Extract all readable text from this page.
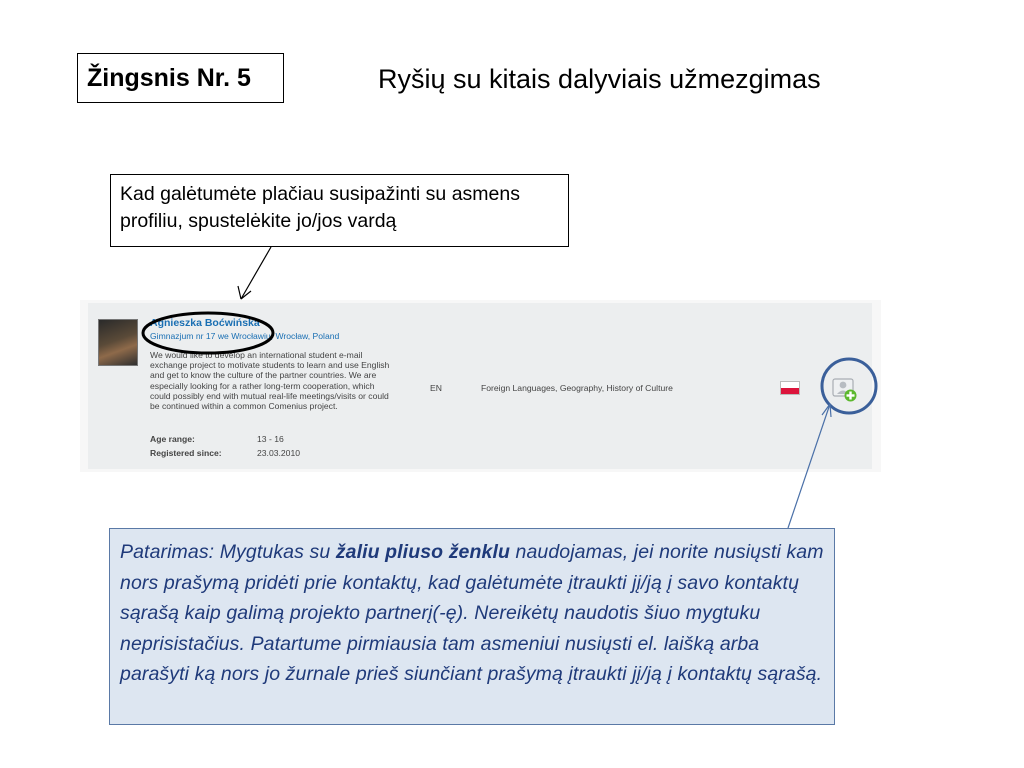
Žingsnis Nr. 5	Ryšių su kitais dalyviais užmezgimas
Kad galėtumėte plačiau susipažinti su asmens profiliu, spustelėkite jo/jos vardą
Agnieszka Boćwińska
Gimnazjum nr 17 we Wrocławiu, Wrocław, Poland
We would like to develop an international student e-mail exchange project to motivate students to learn and use English and get to know the culture of the partner countries. We are especially looking for a rather long-term cooperation, which could possibly end with mutual real-life meetings/visits or could be continued within a common Comenius project.
Age range:	13 - 16
Registered since:	23.03.2010
EN	Foreign Languages, Geography, History of Culture
Patarimas: Mygtukas su žaliu pliuso ženklu naudojamas, jei norite nusiųsti kam nors prašymą pridėti prie kontaktų, kad galėtumėte įtraukti jį/ją į savo kontaktų sąrašą kaip galimą projekto partnerį(-ę). Nereikėtų naudotis šiuo mygtuku neprisistačius. Patartume pirmiausia tam asmeniui nusiųsti el. laišką arba parašyti ką nors jo žurnale prieš siunčiant prašymą įtraukti jį/ją į kontaktų sąrašą.
